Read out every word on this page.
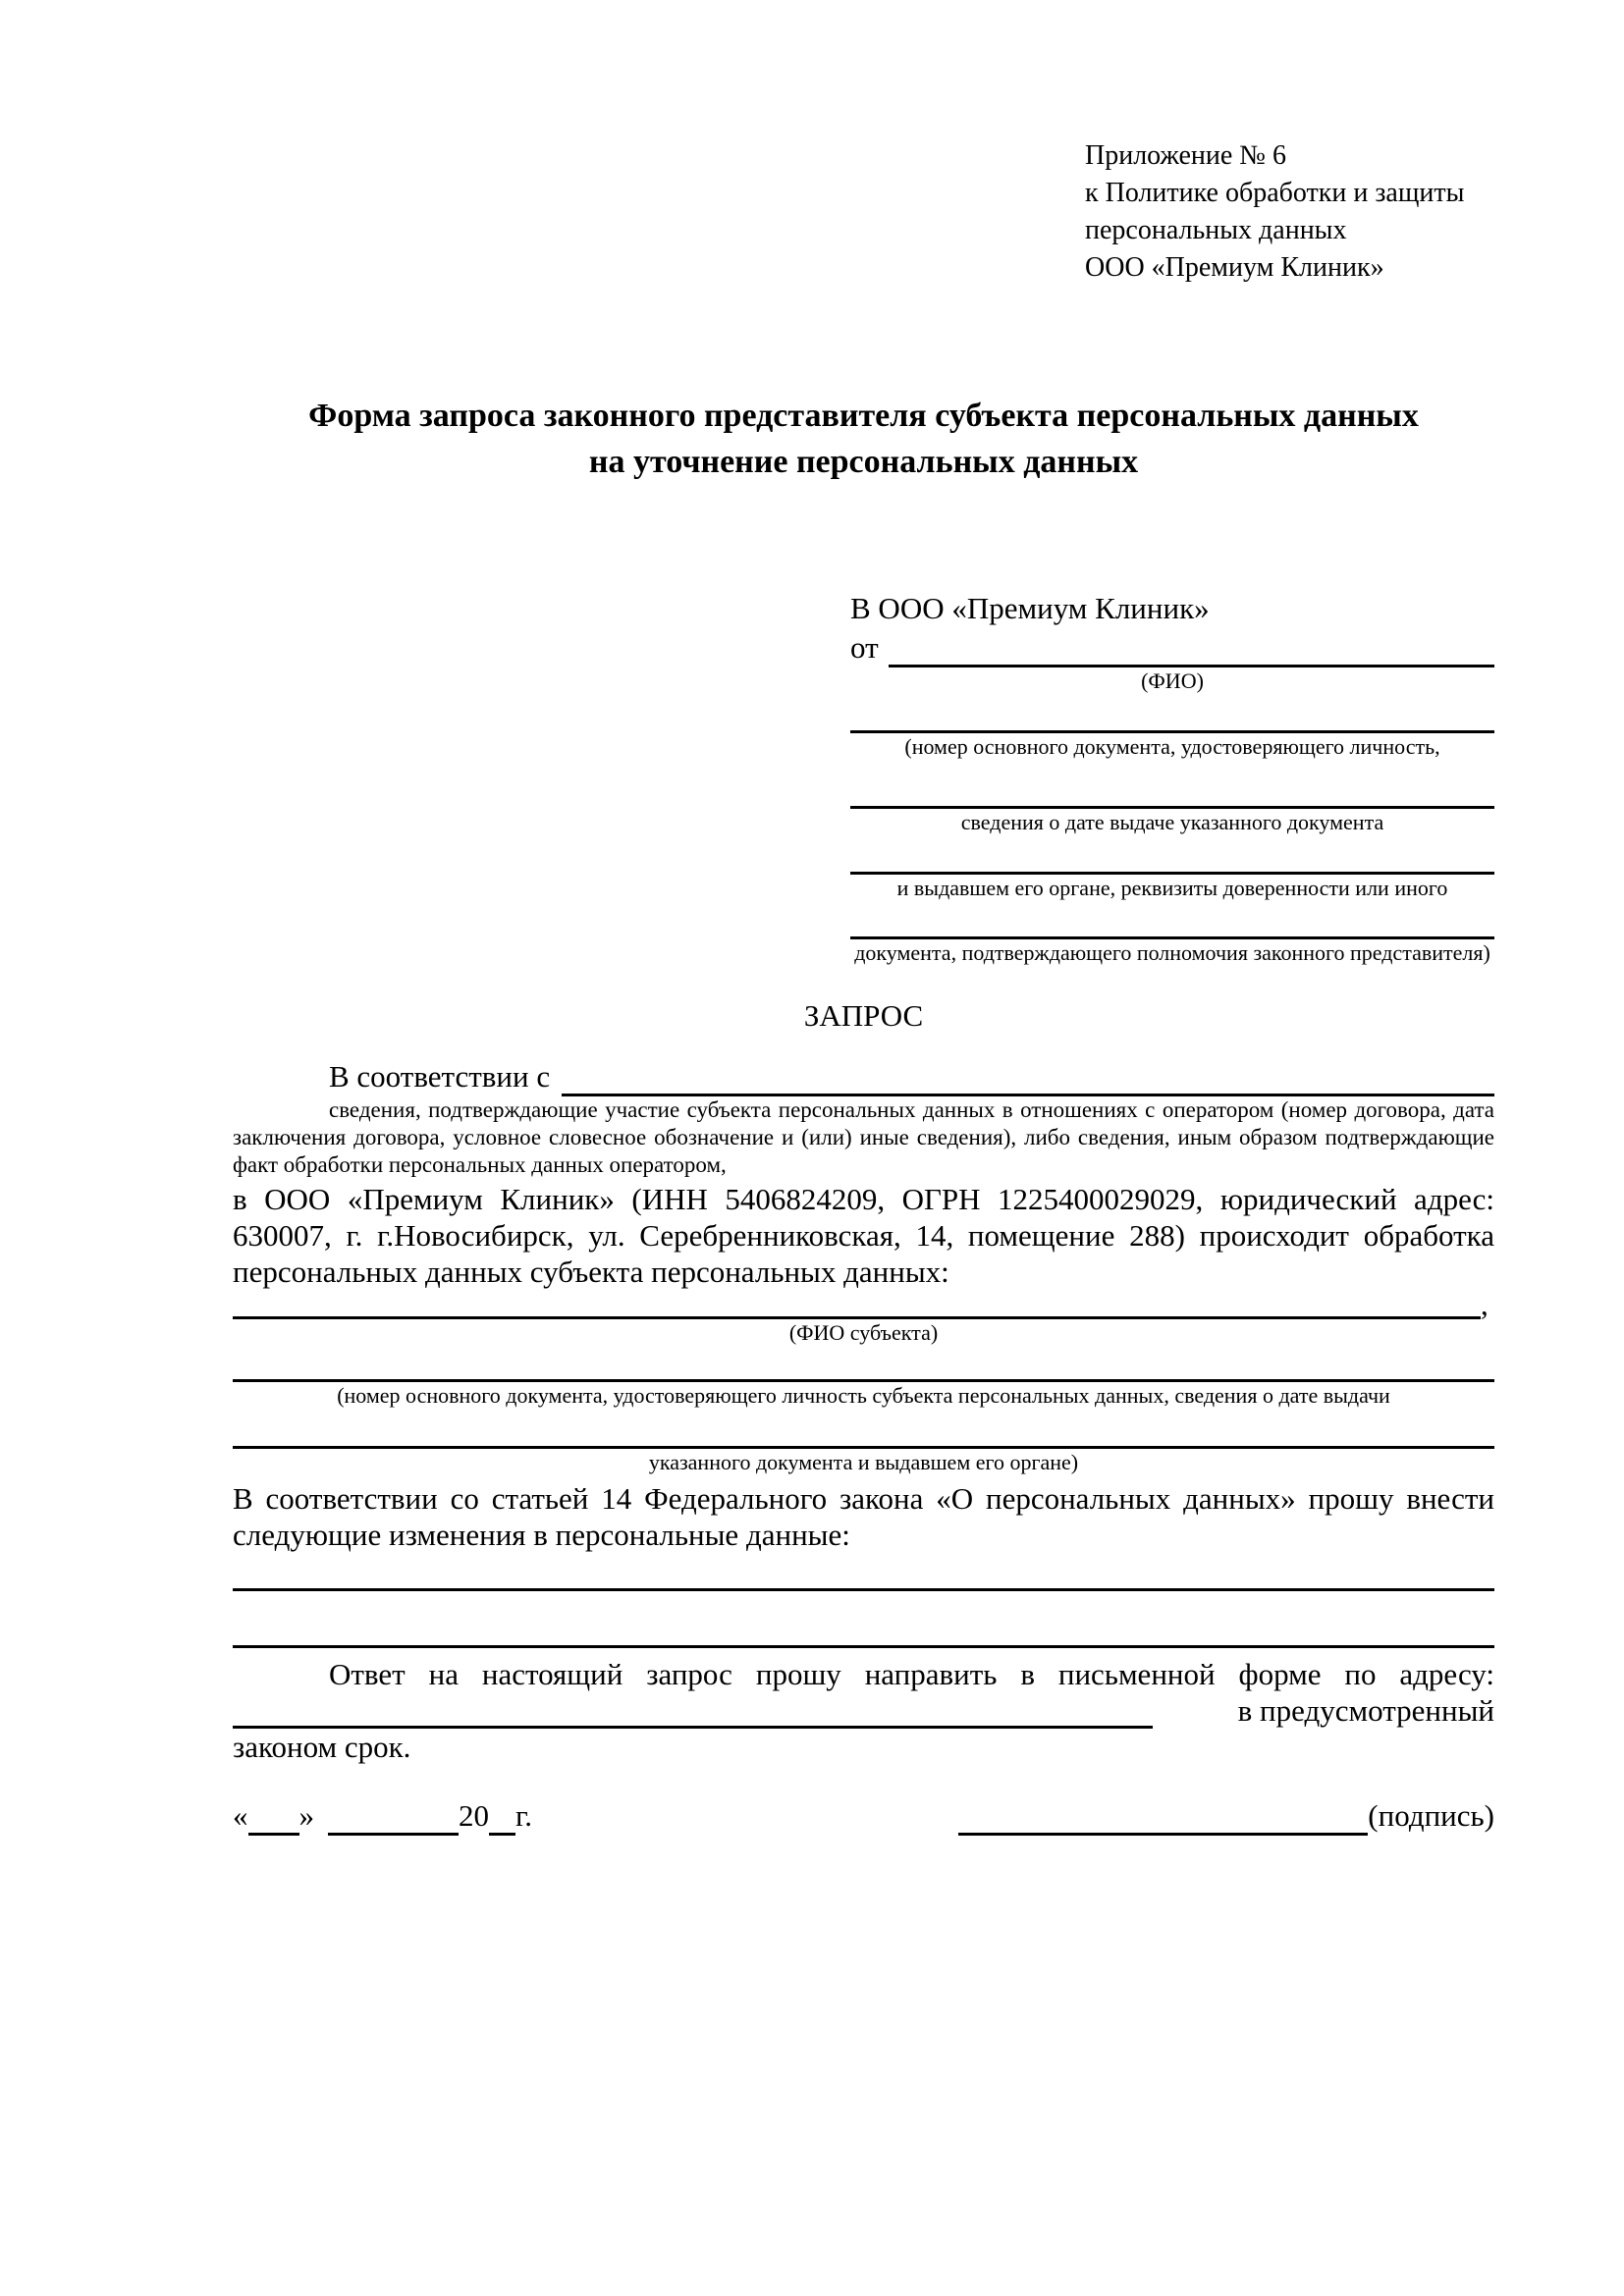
Приложение № 6
к Политике обработки и защиты
персональных данных
ООО «Премиум Клиник»
Форма запроса законного представителя субъекта персональных данных
на уточнение персональных данных
В ООО «Премиум Клиник»
от
(ФИО)
(номер основного документа, удостоверяющего личность,
сведения о дате выдаче указанного документа
и выдавшем его органе, реквизиты доверенности или иного
документа, подтверждающего полномочия законного представителя)
ЗАПРОС
В соответствии с
сведения, подтверждающие участие субъекта персональных данных в отношениях с оператором (номер договора, дата заключения договора, условное словесное обозначение и (или) иные сведения), либо сведения, иным образом подтверждающие факт обработки персональных данных оператором,
в ООО «Премиум Клиник» (ИНН 5406824209, ОГРН 1225400029029, юридический адрес: 630007, г. г.Новосибирск, ул. Серебренниковская, 14, помещение 288) происходит обработка персональных данных субъекта персональных данных:
,
(ФИО субъекта)
(номер основного документа, удостоверяющего личность субъекта персональных данных, сведения о дате выдачи
указанного документа и выдавшем его органе)
В соответствии со статьей 14 Федерального закона «О персональных данных» прошу внести следующие изменения в персональные данные:
Ответ на настоящий запрос прошу направить в письменной форме по адресу:
в предусмотренный
законом срок.
« »	20 г.	(подпись)
